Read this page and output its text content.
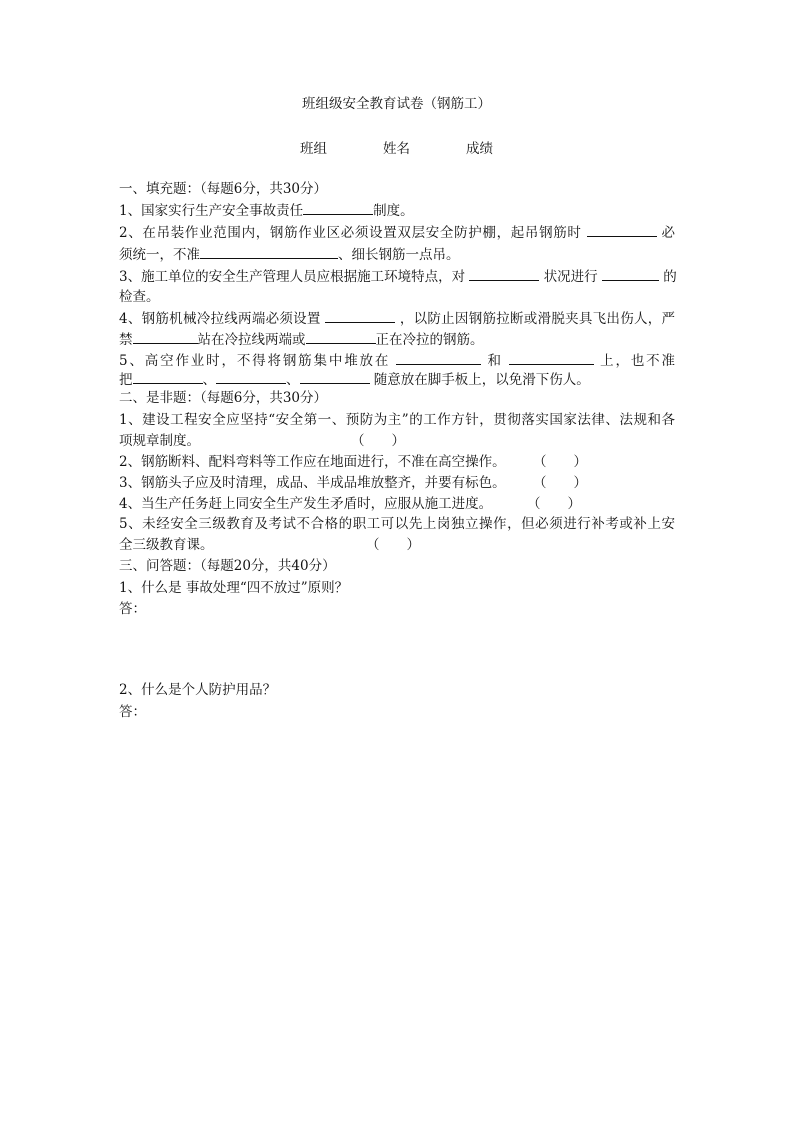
班组级安全教育试卷（钢筋工）
班组	姓名	成绩
一、填充题：（每题6分，共30分）
1、国家实行生产安全事故责任	制度。
2、在吊装作业范围内，钢筋作业区必须设置双层安全防护棚，起吊钢筋时	必
须统一，不准	、细长钢筋一点吊。
3、施工单位的安全生产管理人员应根据施工环境特点，对	状况进行	的
检查。
4、钢筋机械冷拉线两端必须设置	，以防止因钢筋拉断或滑脱夹具飞出伤人，严
禁	站在冷拉线两端或	正在冷拉的钢筋。
5、高空作业时，不得将钢筋集中堆放在	和	上，也不准
把	、	、	随意放在脚手板上，以免滑下伤人。
二、是非题：（每题6分，共30分）
1、建设工程安全应坚持“安全第一、预防为主”的工作方针，贯彻落实国家法律、法规和各
项规章制度。	（　　）
2、钢筋断料、配料弯料等工作应在地面进行，不准在高空操作。 （　　）
3、钢筋头子应及时清理，成品、半成品堆放整齐，并要有标色。 （　　）
4、当生产任务赶上同安全生产发生矛盾时，应服从施工进度。	（　　）
5、未经安全三级教育及考试不合格的职工可以先上岗独立操作，但必须进行补考或补上安
全三级教育课。	（　　）
三、问答题：（每题20分，共40分）
1、什么是 事故处理“四不放过”原则？
答：
2、什么是个人防护用品？
答：
